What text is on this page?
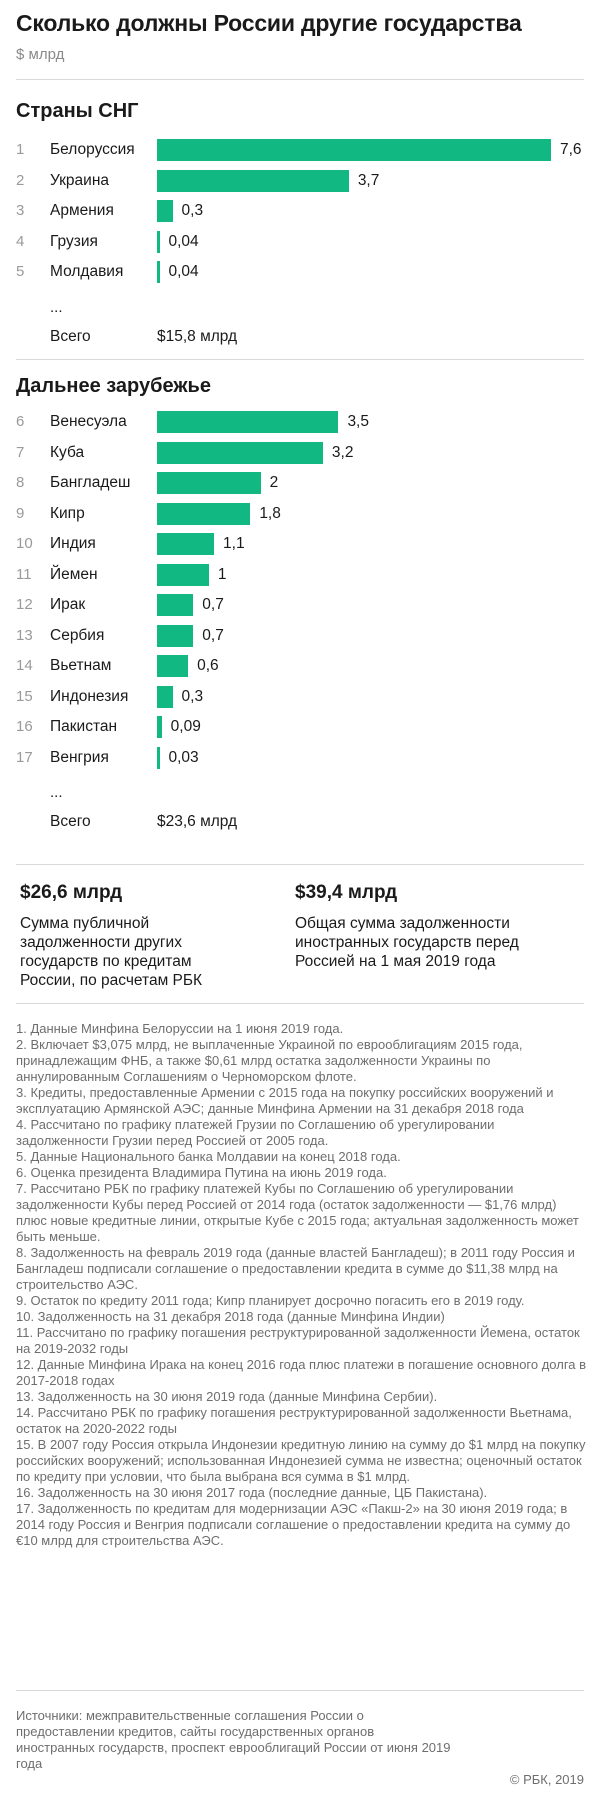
Сколько должны России другие государства
$ млрд
Страны СНГ
1 Белоруссия	7,6
2 Украина	3,7
3 Армения	0,3
4 Грузия	0,04
5 Молдавия	0,04
...
Всего	$15,8 млрд
Дальнее зарубежье
6 Венесуэла	3,5
7 Куба	3,2
8 Бангладеш	2
9 Кипр	1,8
10 Индия	1,1
11 Йемен	1
12 Ирак	0,7
13 Сербия	0,7
14 Вьетнам	0,6
15 Индонезия	0,3
16 Пакистан	0,09
17 Венгрия	0,03
...
Всего	$23,6 млрд
$26,6 млрд
Сумма публичной задолженности других государств по кредитам России, по расчетам РБК
$39,4 млрд
Общая сумма задолженности иностранных государств перед Россией на 1 мая 2019 года
1. Данные Минфина Белоруссии на 1 июня 2019 года.
2. Включает $3,075 млрд, не выплаченные Украиной по еврооблигациям 2015 года, принадлежащим ФНБ, а также $0,61 млрд остатка задолженности Украины по аннулированным Соглашениям о Черноморском флоте.
3. Кредиты, предоставленные Армении с 2015 года на покупку российских вооружений и эксплуатацию Армянской АЭС; данные Минфина Армении на 31 декабря 2018 года
4. Рассчитано по графику платежей Грузии по Соглашению об урегулировании задолженности Грузии перед Россией от 2005 года.
5. Данные Национального банка Молдавии на конец 2018 года.
6. Оценка президента Владимира Путина на июнь 2019 года.
7. Рассчитано РБК по графику платежей Кубы по Соглашению об урегулировании задолженности Кубы перед Россией от 2014 года (остаток задолженности — $1,76 млрд) плюс новые кредитные линии, открытые Кубе с 2015 года; актуальная задолженность может быть меньше.
8. Задолженность на февраль 2019 года (данные властей Бангладеш); в 2011 году Россия и Бангладеш подписали соглашение о предоставлении кредита в сумме до $11,38 млрд на строительство АЭС.
9. Остаток по кредиту 2011 года; Кипр планирует досрочно погасить его в 2019 году.
10. Задолженность на 31 декабря 2018 года (данные Минфина Индии)
11. Рассчитано по графику погашения реструктурированной задолженности Йемена, остаток на 2019-2032 годы
12. Данные Минфина Ирака на конец 2016 года плюс платежи в погашение основного долга в 2017-2018 годах
13. Задолженность на 30 июня 2019 года (данные Минфина Сербии).
14. Рассчитано РБК по графику погашения реструктурированной задолженности Вьетнама, остаток на 2020-2022 годы
15. В 2007 году Россия открыла Индонезии кредитную линию на сумму до $1 млрд на покупку российских вооружений; использованная Индонезией сумма не известна; оценочный остаток по кредиту при условии, что была выбрана вся сумма в $1 млрд.
16. Задолженность на 30 июня 2017 года (последние данные, ЦБ Пакистана).
17. Задолженность по кредитам для модернизации АЭС «Пакш-2» на 30 июня 2019 года; в 2014 году Россия и Венгрия подписали соглашение о предоставлении кредита на сумму до €10 млрд для строительства АЭС.
Источники: межправительственные соглашения России о предоставлении кредитов, сайты государственных органов иностранных государств, проспект еврооблигаций России от июня 2019 года
© РБК, 2019
